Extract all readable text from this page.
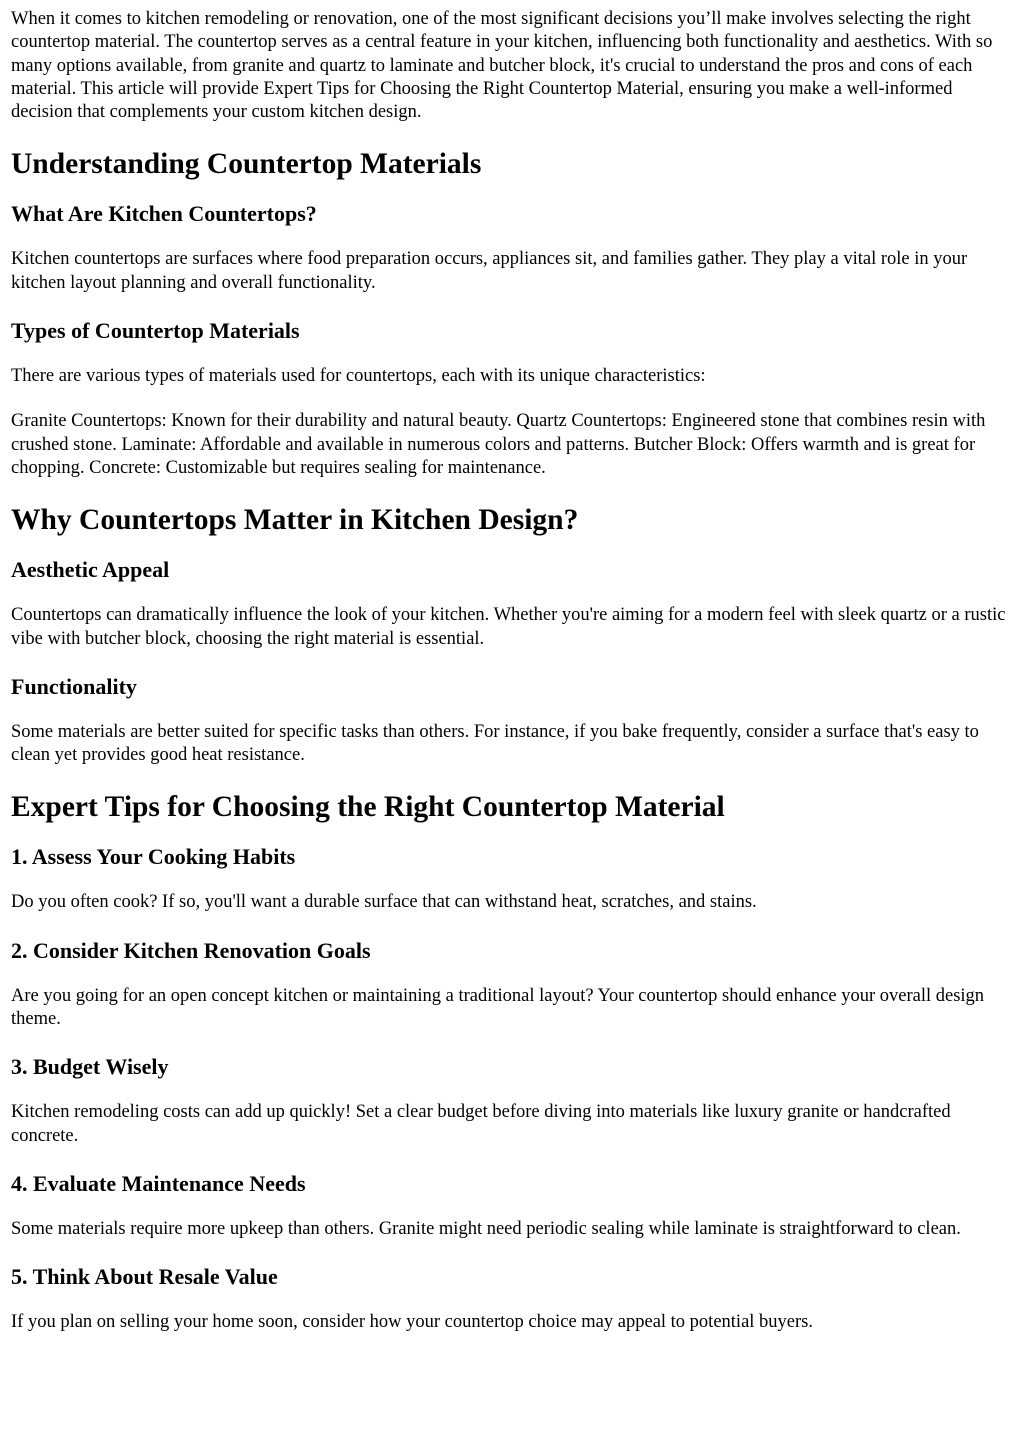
When it comes to kitchen remodeling or renovation, one of the most significant decisions you’ll make involves selecting the right countertop material. The countertop serves as a central feature in your kitchen, influencing both functionality and aesthetics. With so many options available, from granite and quartz to laminate and butcher block, it's crucial to understand the pros and cons of each material. This article will provide Expert Tips for Choosing the Right Countertop Material, ensuring you make a well-informed decision that complements your custom kitchen design.

Understanding Countertop Materials
What Are Kitchen Countertops?

Kitchen countertops are surfaces where food preparation occurs, appliances sit, and families gather. They play a vital role in your kitchen layout planning and overall functionality.

Types of Countertop Materials

There are various types of materials used for countertops, each with its unique characteristics:

Granite Countertops: Known for their durability and natural beauty. Quartz Countertops: Engineered stone that combines resin with crushed stone. Laminate: Affordable and available in numerous colors and patterns. Butcher Block: Offers warmth and is great for chopping. Concrete: Customizable but requires sealing for maintenance.

Why Countertops Matter in Kitchen Design?
Aesthetic Appeal

Countertops can dramatically influence the look of your kitchen. Whether you're aiming for a modern feel with sleek quartz or a rustic vibe with butcher block, choosing the right material is essential.

Functionality

Some materials are better suited for specific tasks than others. For instance, if you bake frequently, consider a surface that's easy to clean yet provides good heat resistance.

Expert Tips for Choosing the Right Countertop Material
1. Assess Your Cooking Habits

Do you often cook? If so, you'll want a durable surface that can withstand heat, scratches, and stains.

2. Consider Kitchen Renovation Goals

Are you going for an open concept kitchen or maintaining a traditional layout? Your countertop should enhance your overall design theme.

3. Budget Wisely

Kitchen remodeling costs can add up quickly! Set a clear budget before diving into materials like luxury granite or handcrafted concrete.

4. Evaluate Maintenance Needs

Some materials require more upkeep than others. Granite might need periodic sealing while laminate is straightforward to clean.

5. Think About Resale Value

If you plan on selling your home soon, consider how your countertop choice may appeal to potential buyers.
